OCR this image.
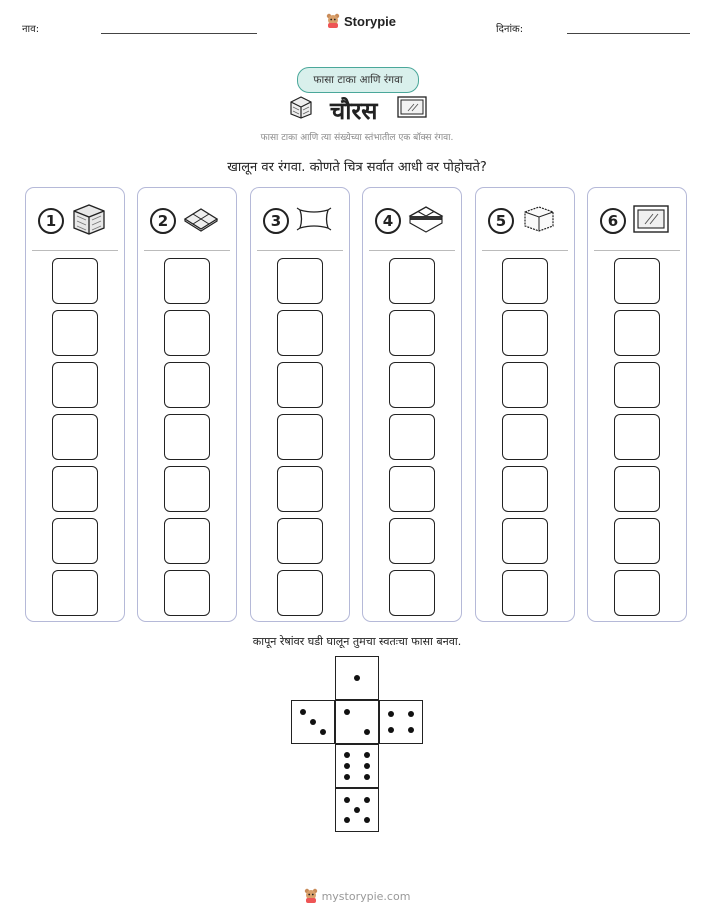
नाव:
Storypie
दिनांक:
फासा टाका आणि रंगवा
चौरस
फासा टाका आणि त्या संख्येच्या स्तंभातील एक बॉक्स रंगवा.
खालून वर रंगवा. कोणते चित्र सर्वात आधी वर पोहोचते?
1	2	3	4	5	6
कापून रेषांवर घडी घालून तुमचा स्वतःचा फासा बनवा.
mystorypie.com
